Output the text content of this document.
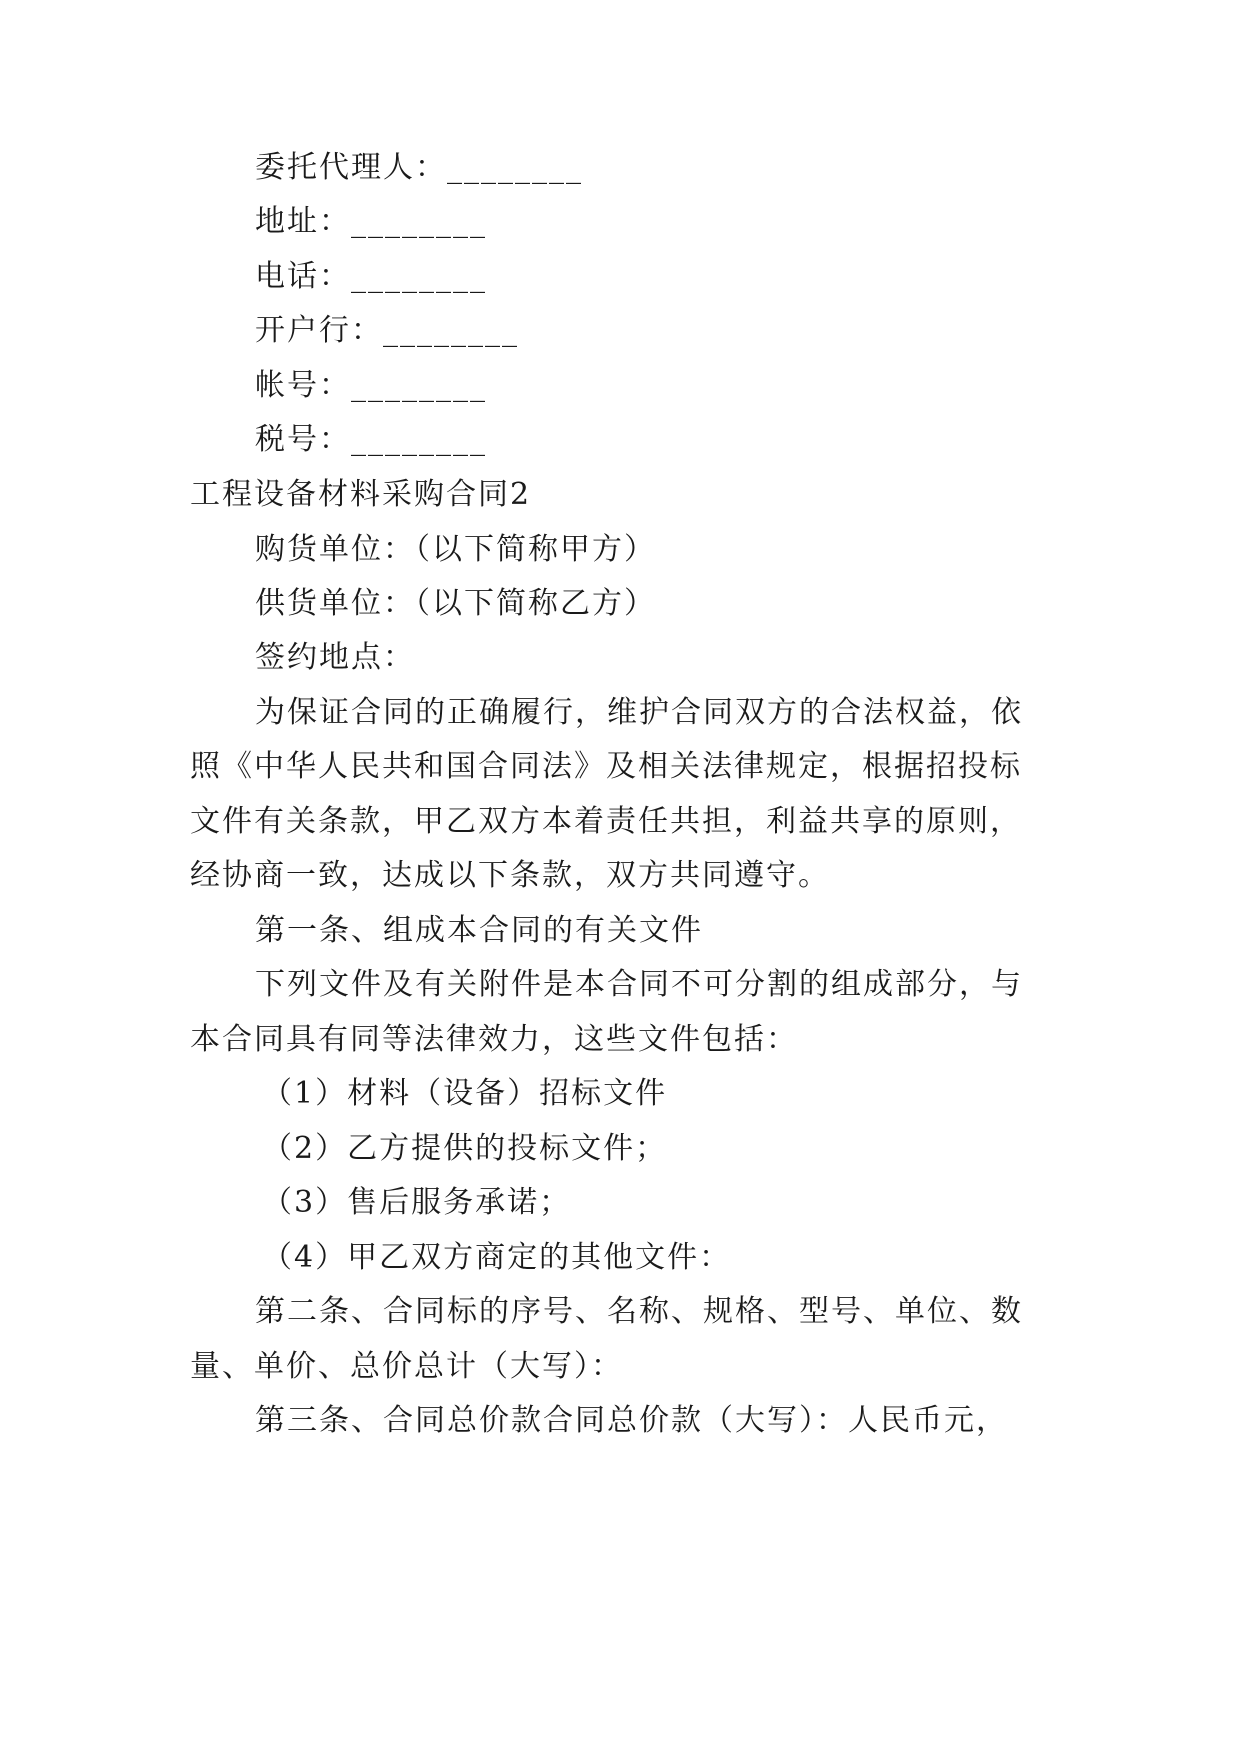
委托代理人：________
地址：________
电话：________
开户行：________
帐号：________
税号：________
工程设备材料采购合同2
购货单位：（以下简称甲方）
供货单位：（以下简称乙方）
签约地点：
为保证合同的正确履行，维护合同双方的合法权益，依
照《中华人民共和国合同法》及相关法律规定，根据招投标
文件有关条款，甲乙双方本着责任共担，利益共享的原则，
经协商一致，达成以下条款，双方共同遵守。
第一条、组成本合同的有关文件
下列文件及有关附件是本合同不可分割的组成部分，与
本合同具有同等法律效力，这些文件包括：
（1）材料（设备）招标文件
（2）乙方提供的投标文件；
（3）售后服务承诺；
（4）甲乙双方商定的其他文件：
第二条、合同标的序号、名称、规格、型号、单位、数
量、单价、总价总计（大写）：
第三条、合同总价款合同总价款（大写）：人民币元，
